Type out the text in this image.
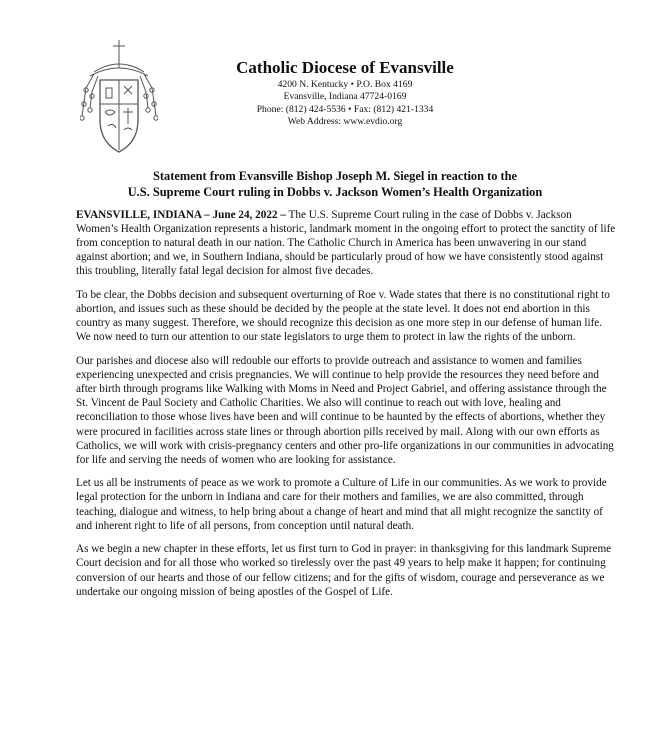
Catholic Diocese of Evansville
4200 N. Kentucky • P.O. Box 4169
Evansville, Indiana 47724-0169
Phone: (812) 424-5536 • Fax: (812) 421-1334
Web Address: www.evdio.org
Statement from Evansville Bishop Joseph M. Siegel in reaction to the
U.S. Supreme Court ruling in Dobbs v. Jackson Women’s Health Organization

EVANSVILLE, INDIANA – June 24, 2022 – The U.S. Supreme Court ruling in the case of Dobbs v. Jackson Women’s Health Organization represents a historic, landmark moment in the ongoing effort to protect the sanctity of life from conception to natural death in our nation. The Catholic Church in America has been unwavering in our stand against abortion; and we, in Southern Indiana, should be particularly proud of how we have consistently stood against this troubling, literally fatal legal decision for almost five decades.

To be clear, the Dobbs decision and subsequent overturning of Roe v. Wade states that there is no constitutional right to abortion, and issues such as these should be decided by the people at the state level. It does not end abortion in this country as many suggest. Therefore, we should recognize this decision as one more step in our defense of human life. We now need to turn our attention to our state legislators to urge them to protect in law the rights of the unborn.

Our parishes and diocese also will redouble our efforts to provide outreach and assistance to women and families experiencing unexpected and crisis pregnancies. We will continue to help provide the resources they need before and after birth through programs like Walking with Moms in Need and Project Gabriel, and offering assistance through the St. Vincent de Paul Society and Catholic Charities. We also will continue to reach out with love, healing and reconciliation to those whose lives have been and will continue to be haunted by the effects of abortions, whether they were procured in facilities across state lines or through abortion pills received by mail. Along with our own efforts as Catholics, we will work with crisis-pregnancy centers and other pro-life organizations in our communities in advocating for life and serving the needs of women who are looking for assistance.

Let us all be instruments of peace as we work to promote a Culture of Life in our communities. As we work to provide legal protection for the unborn in Indiana and care for their mothers and families, we are also committed, through teaching, dialogue and witness, to help bring about a change of heart and mind that all might recognize the sanctity of and inherent right to life of all persons, from conception until natural death.

As we begin a new chapter in these efforts, let us first turn to God in prayer: in thanksgiving for this landmark Supreme Court decision and for all those who worked so tirelessly over the past 49 years to help make it happen; for continuing conversion of our hearts and those of our fellow citizens; and for the gifts of wisdom, courage and perseverance as we undertake our ongoing mission of being apostles of the Gospel of Life.
